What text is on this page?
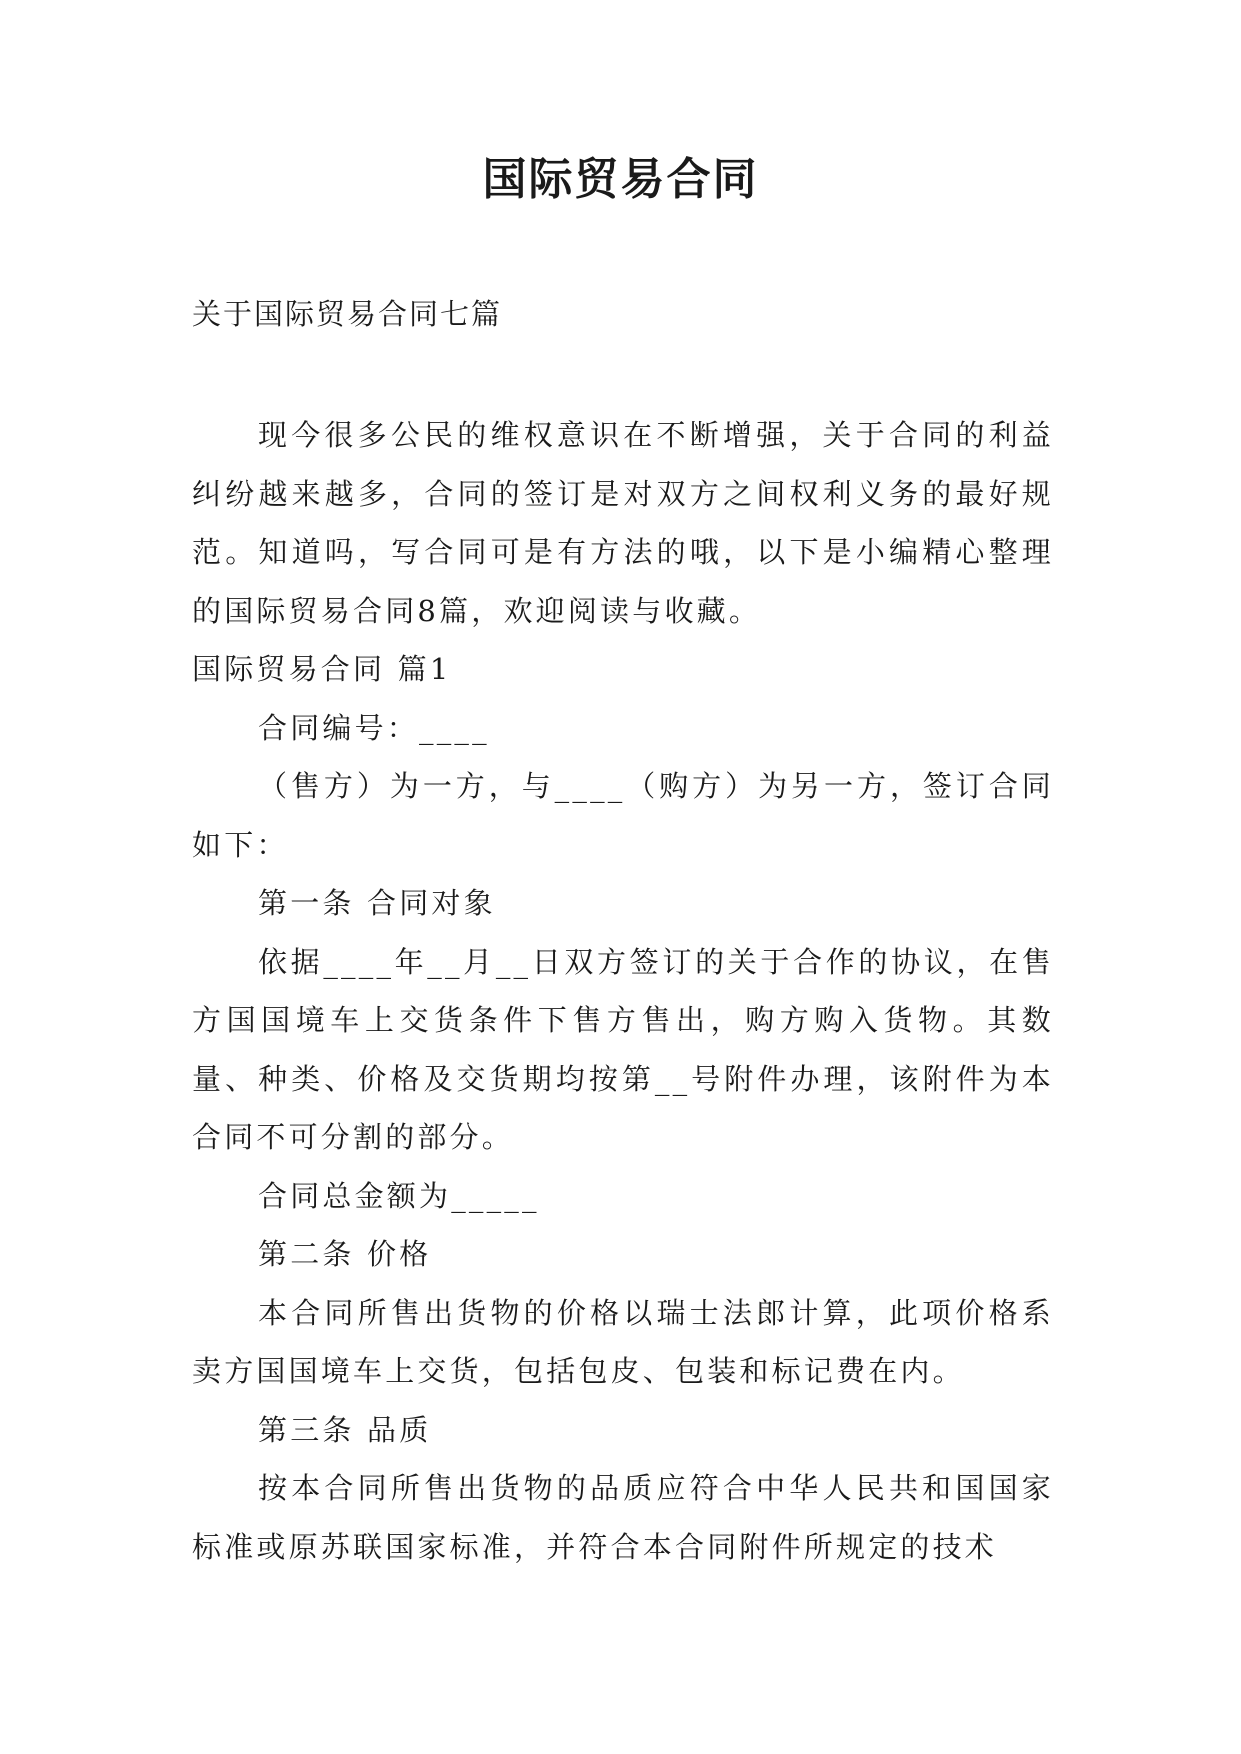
国际贸易合同

关于国际贸易合同七篇

现今很多公民的维权意识在不断增强，关于合同的利益纠纷越来越多，合同的签订是对双方之间权利义务的最好规范。知道吗，写合同可是有方法的哦，以下是小编精心整理的国际贸易合同8篇，欢迎阅读与收藏。

国际贸易合同 篇1

合同编号：____

（售方）为一方，与____（购方）为另一方，签订合同如下：

第一条 合同对象

依据____年__月__日双方签订的关于合作的协议，在售方国国境车上交货条件下售方售出，购方购入货物。其数量、种类、价格及交货期均按第__号附件办理，该附件为本合同不可分割的部分。

合同总金额为_____

第二条 价格

本合同所售出货物的价格以瑞士法郎计算，此项价格系卖方国国境车上交货，包括包皮、包装和标记费在内。

第三条 品质

按本合同所售出货物的品质应符合中华人民共和国国家标准或原苏联国家标准，并符合本合同附件所规定的技术
